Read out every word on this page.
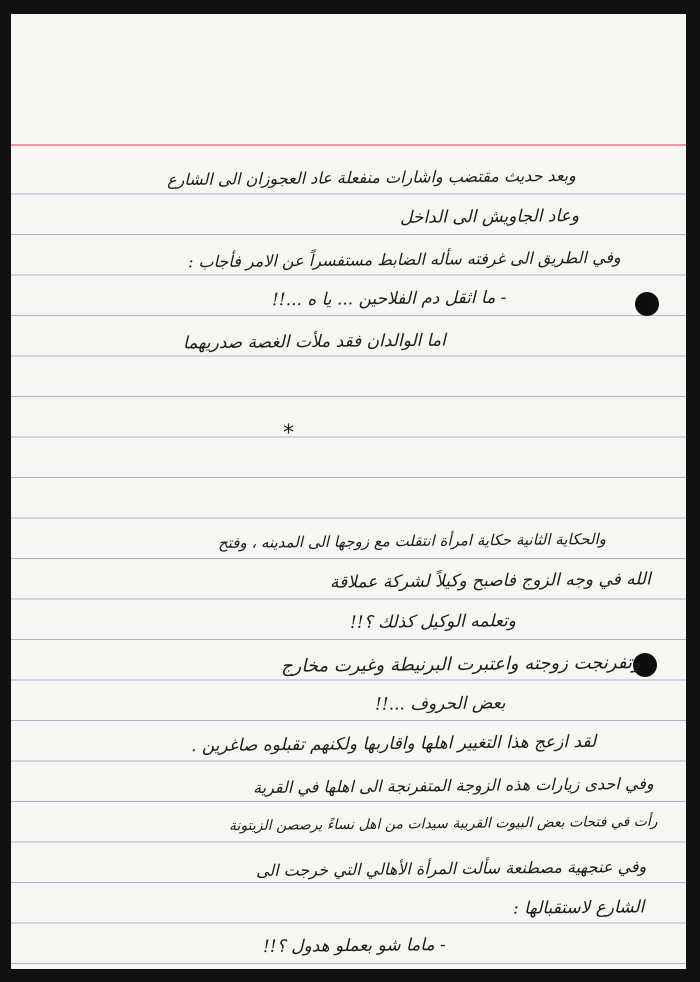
وبعد حديث مقتضب واشارات منفعلة عاد العجوزان الى الشارع
وعاد الجاويش الى الداخل
وفي الطريق الى غرفته سأله الضابط مستفسراً عن الامر فأجاب :
- ما اثقل دم الفلاحين ... يا ه ...!!
اما الوالدان فقد ملأت الغصة صدريهما
*
والحكاية الثانية حكاية امرأة انتقلت مع زوجها الى المدينه ، وفتح
الله في وجه الزوج فاصبح وكيلاً لشركة عملاقة
وتعلمه الوكيل كذلك ؟!!
وتفرنجت زوجته واعتبرت البرنيطة وغيرت مخارج
بعض الحروف ...!!
لقد ازعج هذا التغيير اهلها واقاربها ولكنهم تقبلوه صاغرين .
وفي احدى زيارات هذه الزوجة المتفرنجة الى اهلها في القرية
رأت في فتحات بعض البيوت القريبة سيدات من اهل نساءً يرصصن الزيتونة
وفي عنجهية مصطنعة سألت المرأة الأهالي التي خرجت الى
الشارع لاستقبالها :
- ماما شو بعملو هدول ؟!!
